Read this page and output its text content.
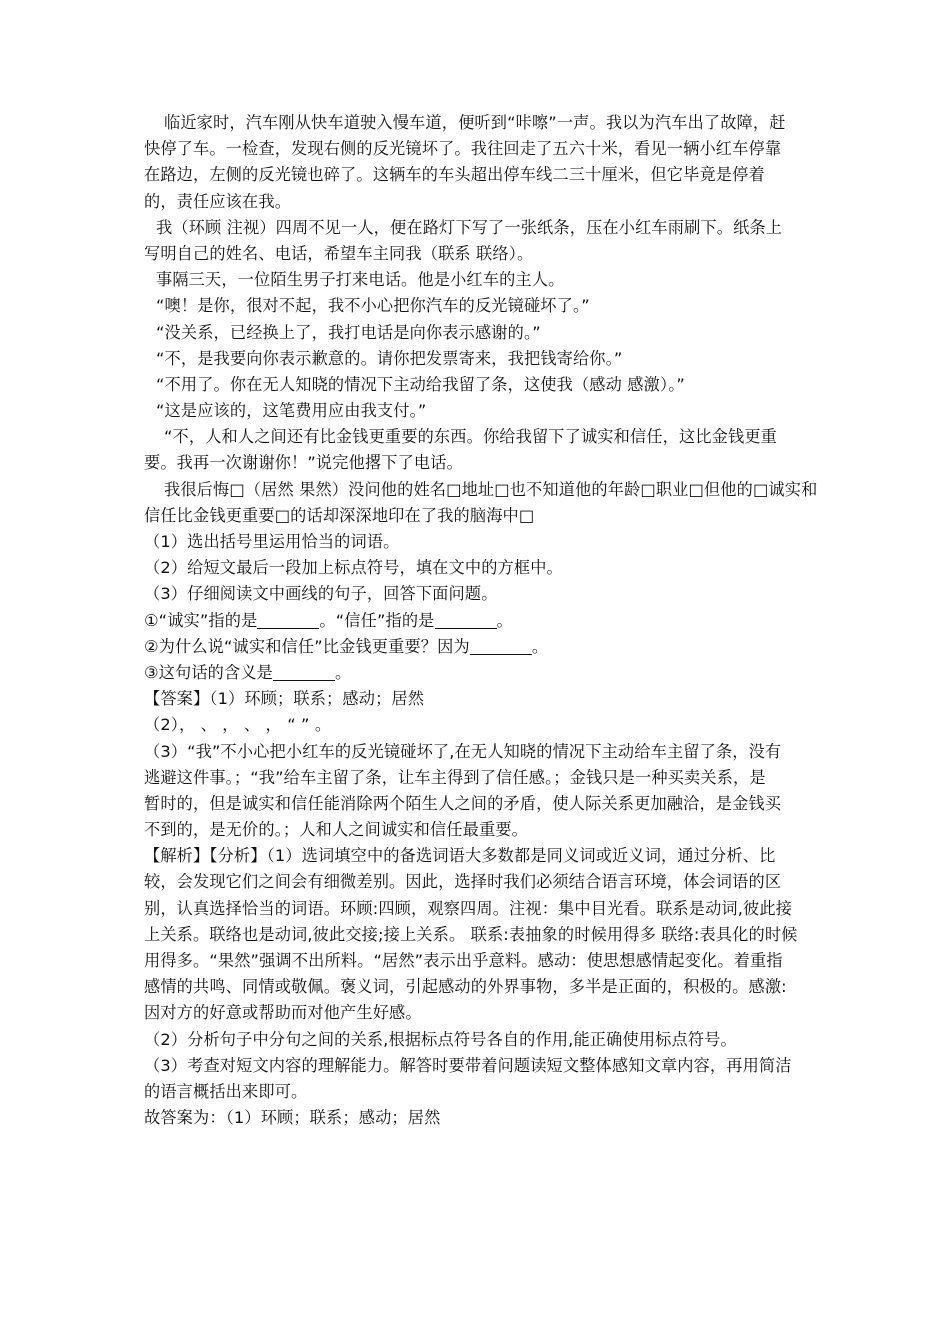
临近家时，汽车刚从快车道驶入慢车道，便听到“咔嚓”一声。我以为汽车出了故障，赶
快停了车。一检查，发现右侧的反光镜坏了。我往回走了五六十米，看见一辆小红车停靠
在路边，左侧的反光镜也碎了。这辆车的车头超出停车线二三十厘米，但它毕竟是停着
的，责任应该在我。
我（环顾 注视）四周不见一人，便在路灯下写了一张纸条，压在小红车雨刷下。纸条上
写明自己的姓名、电话，希望车主同我（联系 联络）。
事隔三天，一位陌生男子打来电话。他是小红车的主人。
“噢！是你，很对不起，我不小心把你汽车的反光镜碰坏了。”
“没关系，已经换上了，我打电话是向你表示感谢的。”
“不，是我要向你表示歉意的。请你把发票寄来，我把钱寄给你。”
“不用了。你在无人知晓的情况下主动给我留了条，这使我（感动 感激）。”
“这是应该的，这笔费用应由我支付。”
“不，人和人之间还有比金钱更重要的东西。你给我留下了诚实和信任，这比金钱更重
要。我再一次谢谢你！”说完他撂下了电话。
我很后悔□（居然 果然）没问他的姓名□地址□也不知道他的年龄□职业□但他的□诚实和
信任比金钱更重要□的话却深深地印在了我的脑海中□
（1）选出括号里运用恰当的词语。
（2）给短文最后一段加上标点符号，填在文中的方框中。
（3）仔细阅读文中画线的句子，回答下面问题。
①“诚实”指的是	。“信任”指的是	。
②为什么说“诚实和信任”比金钱更重要？因为	。
③这句话的含义是	。
【答案】（1）环顾；联系；感动；居然
（2）， 、 ， 、 ， “ ” 。
（3）“我”不小心把小红车的反光镜碰坏了,在无人知晓的情况下主动给车主留了条，没有
逃避这件事。；“我”给车主留了条，让车主得到了信任感。；金钱只是一种买卖关系，是
暂时的，但是诚实和信任能消除两个陌生人之间的矛盾，使人际关系更加融洽，是金钱买
不到的，是无价的。；人和人之间诚实和信任最重要。
【解析】【分析】（1）选词填空中的备选词语大多数都是同义词或近义词，通过分析、比
较，会发现它们之间会有细微差别。因此，选择时我们必须结合语言环境，体会词语的区
别，认真选择恰当的词语。环顾:四顾，观察四周。注视：集中目光看。联系是动词,彼此接
上关系。联络也是动词,彼此交接;接上关系。 联系:表抽象的时候用得多 联络:表具化的时候
用得多。“果然”强调不出所料。“居然”表示出乎意料。感动：使思想感情起变化。着重指
感情的共鸣、同情或敬佩。褒义词，引起感动的外界事物，多半是正面的，积极的。感激:
因对方的好意或帮助而对他产生好感。
（2）分析句子中分句之间的关系,根据标点符号各自的作用,能正确使用标点符号。
（3）考查对短文内容的理解能力。解答时要带着问题读短文整体感知文章内容，再用简洁
的语言概括出来即可。
故答案为：（1）环顾；联系；感动；居然
